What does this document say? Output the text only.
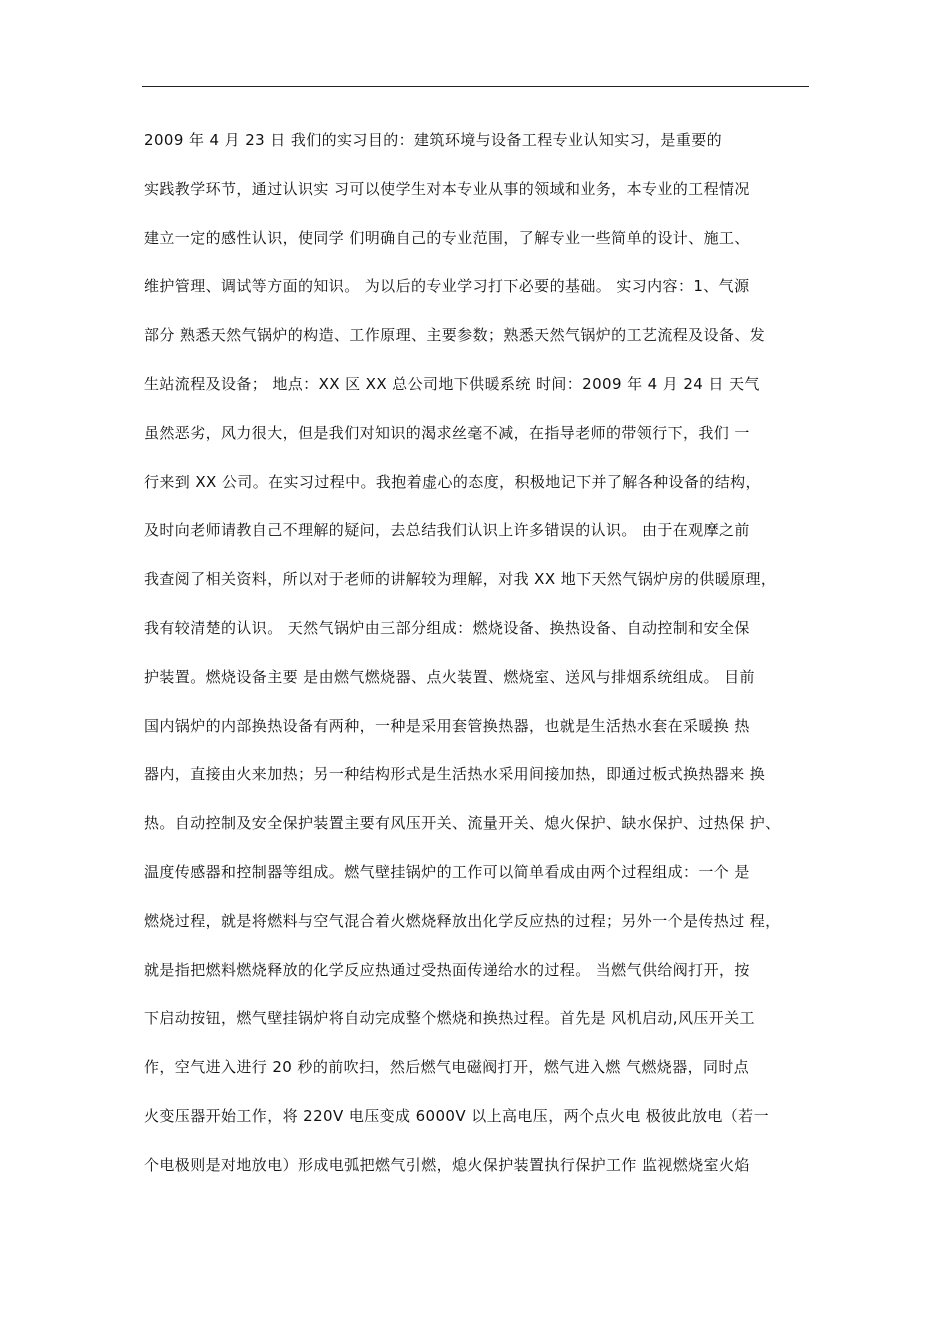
2009 年 4 月 23 日 我们的实习目的：建筑环境与设备工程专业认知实习，是重要的
实践教学环节，通过认识实 习可以使学生对本专业从事的领域和业务，本专业的工程情况
建立一定的感性认识，使同学 们明确自己的专业范围，了解专业一些简单的设计、施工、
维护管理、调试等方面的知识。 为以后的专业学习打下必要的基础。 实习内容：1、气源
部分 熟悉天然气锅炉的构造、工作原理、主要参数；熟悉天然气锅炉的工艺流程及设备、发
生站流程及设备； 地点：XX 区 XX 总公司地下供暖系统 时间：2009 年 4 月 24 日 天气
虽然恶劣，风力很大，但是我们对知识的渴求丝毫不减，在指导老师的带领行下，我们 一
行来到 XX 公司。在实习过程中。我抱着虚心的态度，积极地记下并了解各种设备的结构，
及时向老师请教自己不理解的疑问，去总结我们认识上许多错误的认识。 由于在观摩之前
我查阅了相关资料，所以对于老师的讲解较为理解，对我 XX 地下天然气锅炉房的供暖原理，
我有较清楚的认识。 天然气锅炉由三部分组成：燃烧设备、换热设备、自动控制和安全保
护装置。燃烧设备主要 是由燃气燃烧器、点火装置、燃烧室、送风与排烟系统组成。 目前
国内锅炉的内部换热设备有两种，一种是采用套管换热器，也就是生活热水套在采暖换 热
器内，直接由火来加热；另一种结构形式是生活热水采用间接加热，即通过板式换热器来 换
热。自动控制及安全保护装置主要有风压开关、流量开关、熄火保护、缺水保护、过热保 护、
温度传感器和控制器等组成。燃气壁挂锅炉的工作可以简单看成由两个过程组成：一个 是
燃烧过程，就是将燃料与空气混合着火燃烧释放出化学反应热的过程；另外一个是传热过 程，
就是指把燃料燃烧释放的化学反应热通过受热面传递给水的过程。 当燃气供给阀打开，按
下启动按钮，燃气壁挂锅炉将自动完成整个燃烧和换热过程。首先是 风机启动,风压开关工
作，空气进入进行 20 秒的前吹扫，然后燃气电磁阀打开，燃气进入燃 气燃烧器，同时点
火变压器开始工作，将 220V 电压变成 6000V 以上高电压，两个点火电 极彼此放电（若一
个电极则是对地放电）形成电弧把燃气引燃，熄火保护装置执行保护工作 监视燃烧室火焰
